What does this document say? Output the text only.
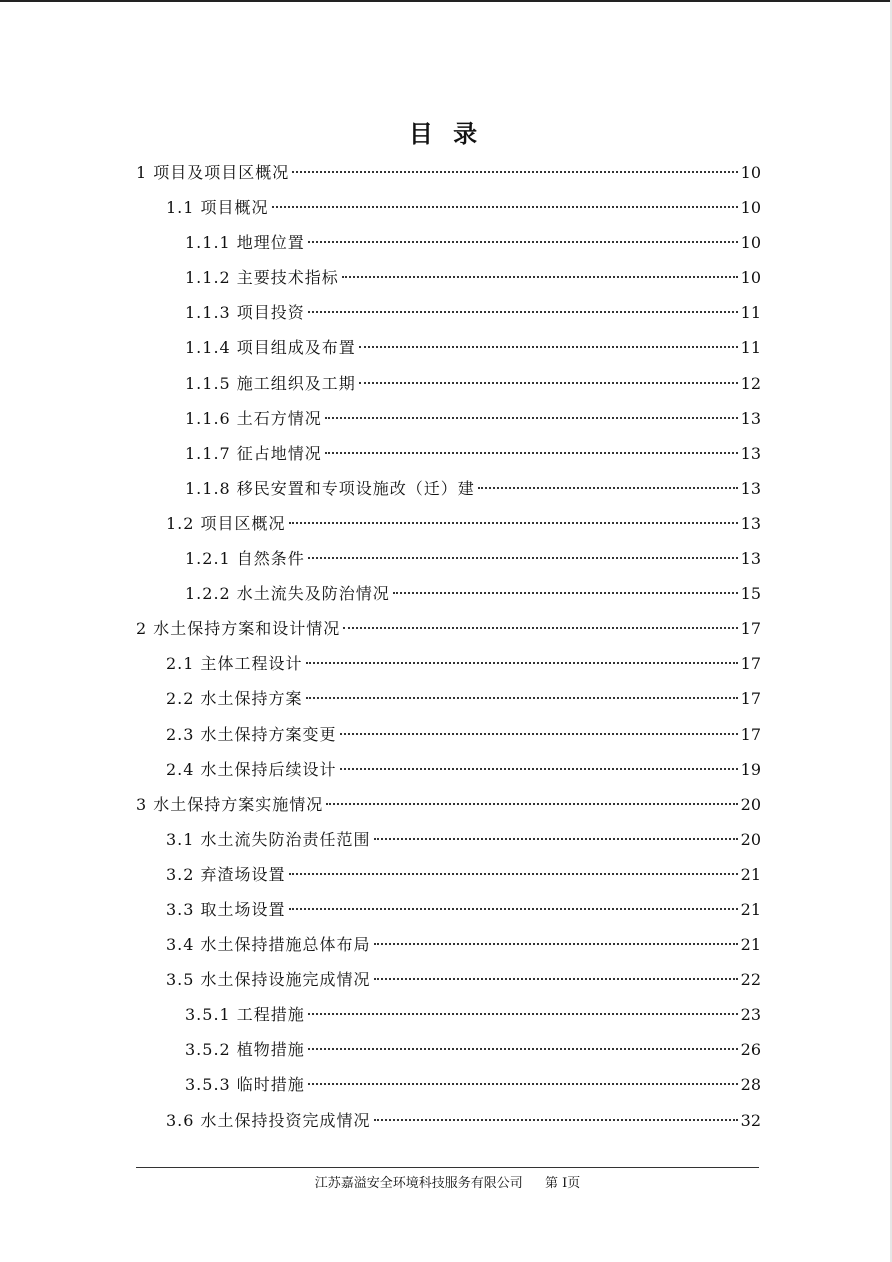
目 录
1 项目及项目区概况	10
1.1 项目概况	10
1.1.1 地理位置	10
1.1.2 主要技术指标	10
1.1.3 项目投资	11
1.1.4 项目组成及布置	11
1.1.5 施工组织及工期	12
1.1.6 土石方情况	13
1.1.7 征占地情况	13
1.1.8 移民安置和专项设施改（迁）建	13
1.2 项目区概况	13
1.2.1 自然条件	13
1.2.2 水土流失及防治情况	15
2 水土保持方案和设计情况	17
2.1 主体工程设计	17
2.2 水土保持方案	17
2.3 水土保持方案变更	17
2.4 水土保持后续设计	19
3 水土保持方案实施情况	20
3.1 水土流失防治责任范围	20
3.2 弃渣场设置	21
3.3 取土场设置	21
3.4 水土保持措施总体布局	21
3.5 水土保持设施完成情况	22
3.5.1 工程措施	23
3.5.2 植物措施	26
3.5.3 临时措施	28
3.6 水土保持投资完成情况	32
江苏嘉溢安全环境科技服务有限公司 第 I页
